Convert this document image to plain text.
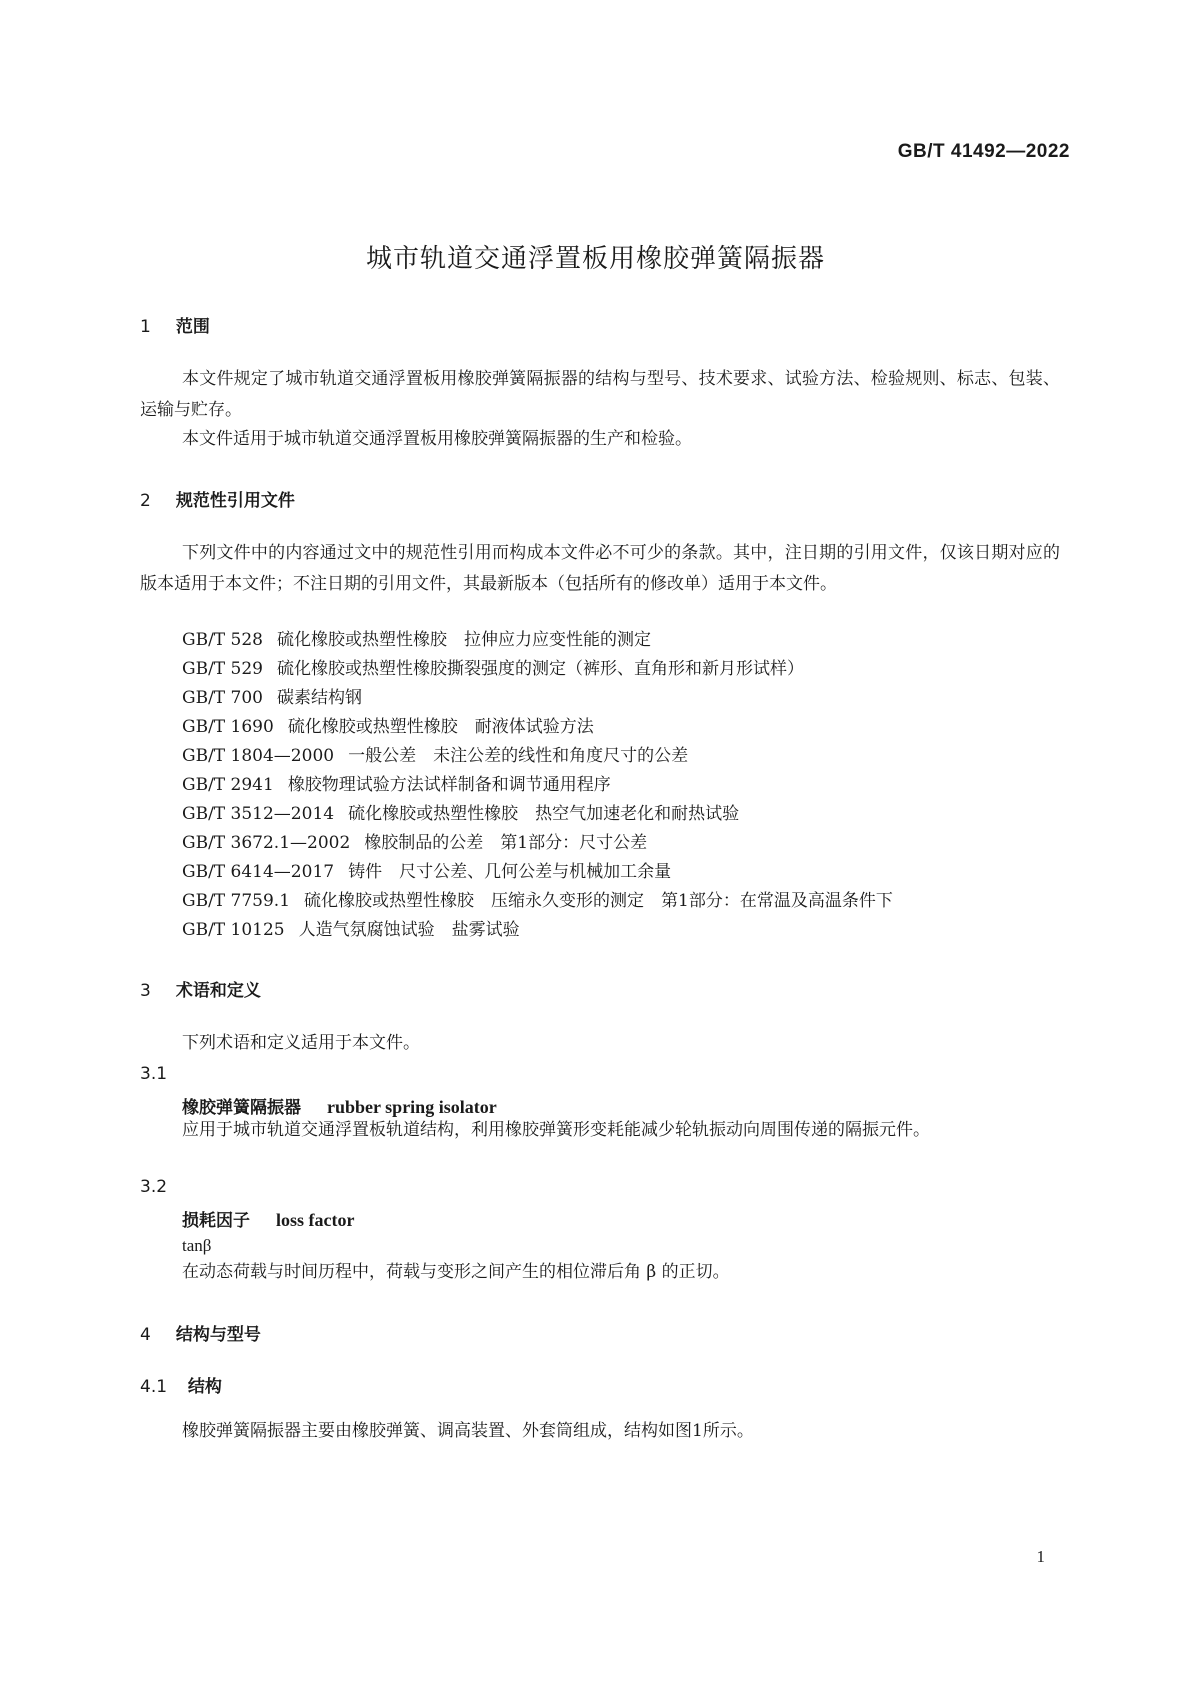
GB/T 41492—2022
城市轨道交通浮置板用橡胶弹簧隔振器
1 范围
本文件规定了城市轨道交通浮置板用橡胶弹簧隔振器的结构与型号、技术要求、试验方法、检验规则、标志、包装、运输与贮存。
本文件适用于城市轨道交通浮置板用橡胶弹簧隔振器的生产和检验。
2 规范性引用文件
下列文件中的内容通过文中的规范性引用而构成本文件必不可少的条款。其中，注日期的引用文件，仅该日期对应的版本适用于本文件；不注日期的引用文件，其最新版本（包括所有的修改单）适用于本文件。
GB/T 528 硫化橡胶或热塑性橡胶　拉伸应力应变性能的测定
GB/T 529 硫化橡胶或热塑性橡胶撕裂强度的测定（裤形、直角形和新月形试样）
GB/T 700 碳素结构钢
GB/T 1690 硫化橡胶或热塑性橡胶　耐液体试验方法
GB/T 1804—2000 一般公差　未注公差的线性和角度尺寸的公差
GB/T 2941 橡胶物理试验方法试样制备和调节通用程序
GB/T 3512—2014 硫化橡胶或热塑性橡胶　热空气加速老化和耐热试验
GB/T 3672.1—2002 橡胶制品的公差　第1部分：尺寸公差
GB/T 6414—2017 铸件　尺寸公差、几何公差与机械加工余量
GB/T 7759.1 硫化橡胶或热塑性橡胶　压缩永久变形的测定　第1部分：在常温及高温条件下
GB/T 10125 人造气氛腐蚀试验　盐雾试验
3 术语和定义
下列术语和定义适用于本文件。
3.1
橡胶弹簧隔振器 rubber spring isolator
应用于城市轨道交通浮置板轨道结构，利用橡胶弹簧形变耗能减少轮轨振动向周围传递的隔振元件。
3.2
损耗因子 loss factor
tanβ
在动态荷载与时间历程中，荷载与变形之间产生的相位滞后角 β 的正切。
4 结构与型号
4.1 结构
橡胶弹簧隔振器主要由橡胶弹簧、调高装置、外套筒组成，结构如图1所示。
1
